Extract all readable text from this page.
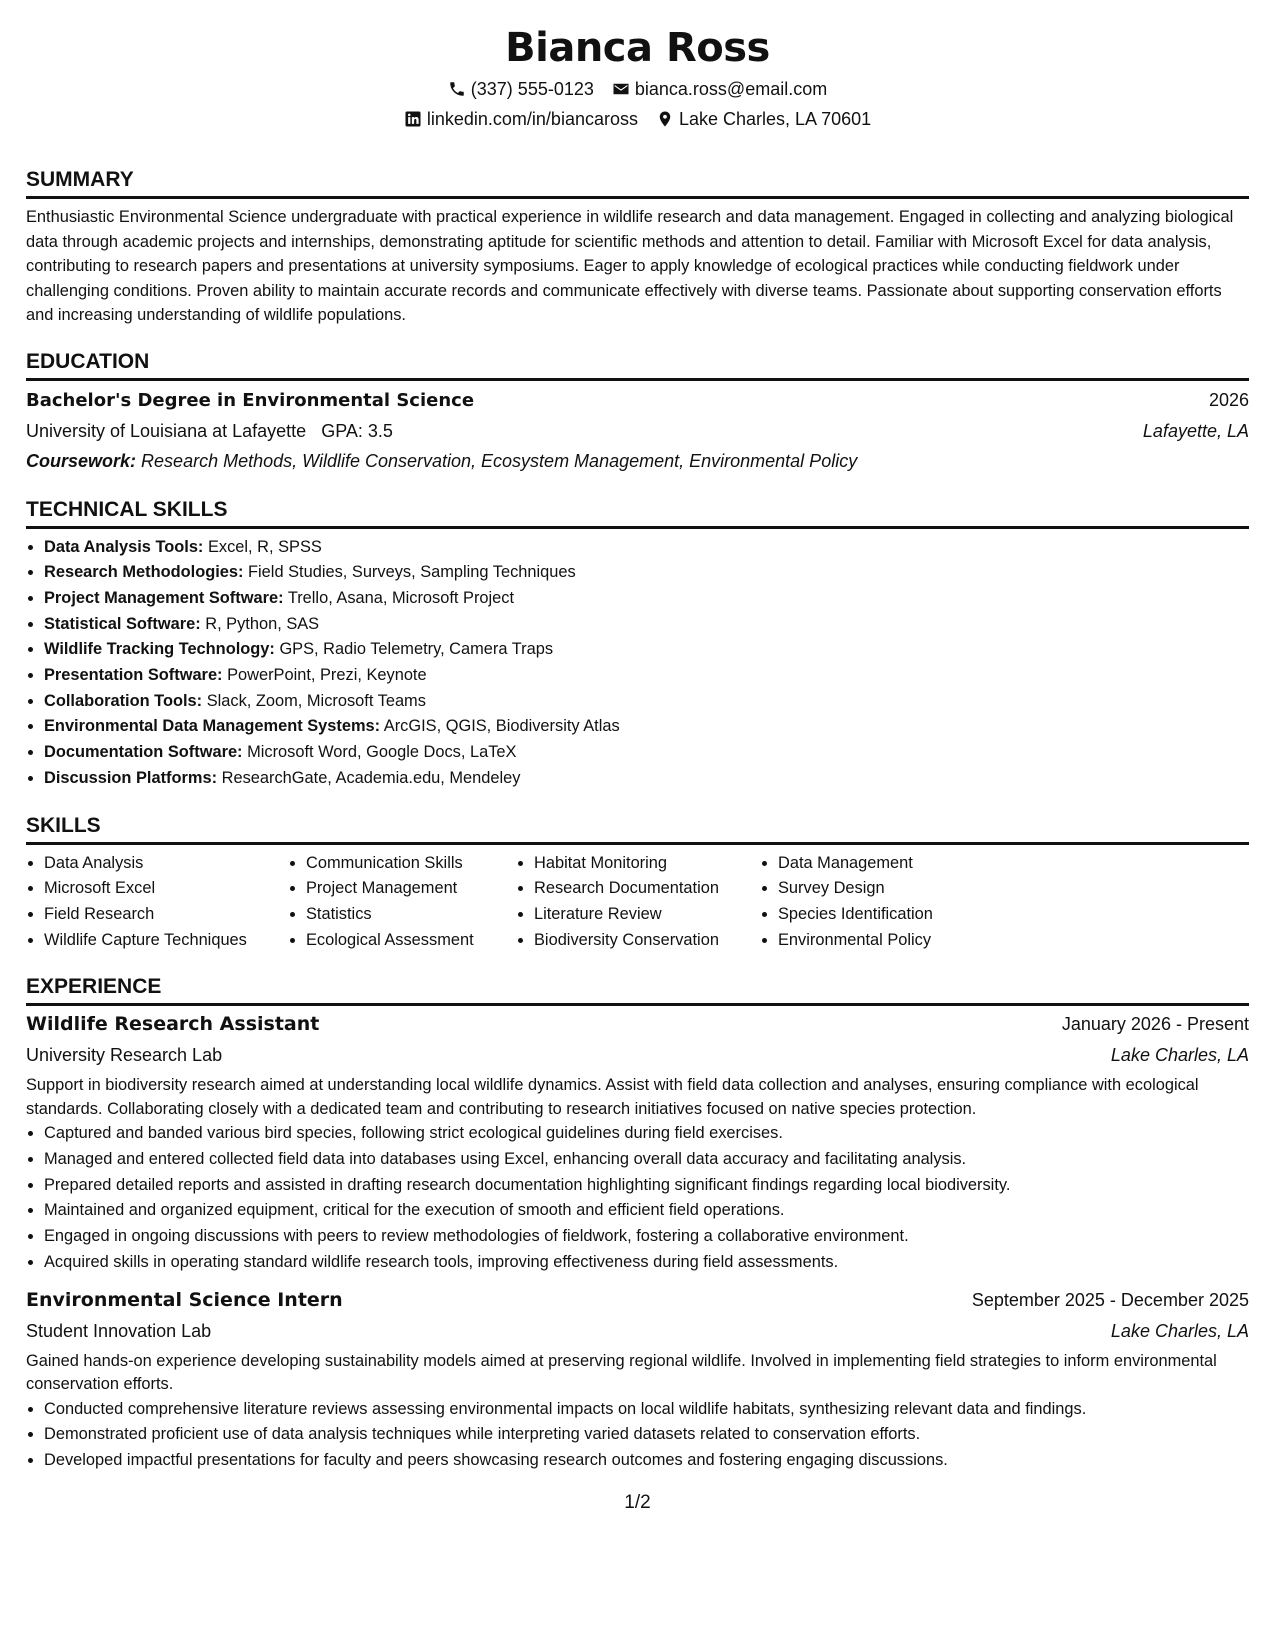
Bianca Ross
(337) 555-0123 bianca.ross@email.com
linkedin.com/in/biancaross Lake Charles, LA 70601
SUMMARY

Enthusiastic Environmental Science undergraduate with practical experience in wildlife research and data management. Engaged in collecting and analyzing biological data through academic projects and internships, demonstrating aptitude for scientific methods and attention to detail. Familiar with Microsoft Excel for data analysis, contributing to research papers and presentations at university symposiums. Eager to apply knowledge of ecological practices while conducting fieldwork under challenging conditions. Proven ability to maintain accurate records and communicate effectively with diverse teams. Passionate about supporting conservation efforts and increasing understanding of wildlife populations.

EDUCATION
Bachelor's Degree in Environmental Science	2026
University of Louisiana at Lafayette GPA: 3.5	Lafayette, LA
Coursework: Research Methods, Wildlife Conservation, Ecosystem Management, Environmental Policy
TECHNICAL SKILLS
• Data Analysis Tools: Excel, R, SPSS
• Research Methodologies: Field Studies, Surveys, Sampling Techniques
• Project Management Software: Trello, Asana, Microsoft Project
• Statistical Software: R, Python, SAS
• Wildlife Tracking Technology: GPS, Radio Telemetry, Camera Traps
• Presentation Software: PowerPoint, Prezi, Keynote
• Collaboration Tools: Slack, Zoom, Microsoft Teams
• Environmental Data Management Systems: ArcGIS, QGIS, Biodiversity Atlas
• Documentation Software: Microsoft Word, Google Docs, LaTeX
• Discussion Platforms: ResearchGate, Academia.edu, Mendeley
SKILLS
• Data Analysis
• Microsoft Excel
• Field Research
• Wildlife Capture Techniques
• Communication Skills
• Project Management
• Statistics
• Ecological Assessment
• Habitat Monitoring
• Research Documentation
• Literature Review
• Biodiversity Conservation
• Data Management
• Survey Design
• Species Identification
• Environmental Policy
EXPERIENCE
Wildlife Research Assistant	January 2026 - Present
University Research Lab	Lake Charles, LA

Support in biodiversity research aimed at understanding local wildlife dynamics. Assist with field data collection and analyses, ensuring compliance with ecological standards. Collaborating closely with a dedicated team and contributing to research initiatives focused on native species protection.

• Captured and banded various bird species, following strict ecological guidelines during field exercises.
• Managed and entered collected field data into databases using Excel, enhancing overall data accuracy and facilitating analysis.
• Prepared detailed reports and assisted in drafting research documentation highlighting significant findings regarding local biodiversity.
• Maintained and organized equipment, critical for the execution of smooth and efficient field operations.
• Engaged in ongoing discussions with peers to review methodologies of fieldwork, fostering a collaborative environment.
• Acquired skills in operating standard wildlife research tools, improving effectiveness during field assessments.
Environmental Science Intern	September 2025 - December 2025
Student Innovation Lab	Lake Charles, LA

Gained hands-on experience developing sustainability models aimed at preserving regional wildlife. Involved in implementing field strategies to inform environmental conservation efforts.

• Conducted comprehensive literature reviews assessing environmental impacts on local wildlife habitats, synthesizing relevant data and findings.
• Demonstrated proficient use of data analysis techniques while interpreting varied datasets related to conservation efforts.
• Developed impactful presentations for faculty and peers showcasing research outcomes and fostering engaging discussions.
1/2
